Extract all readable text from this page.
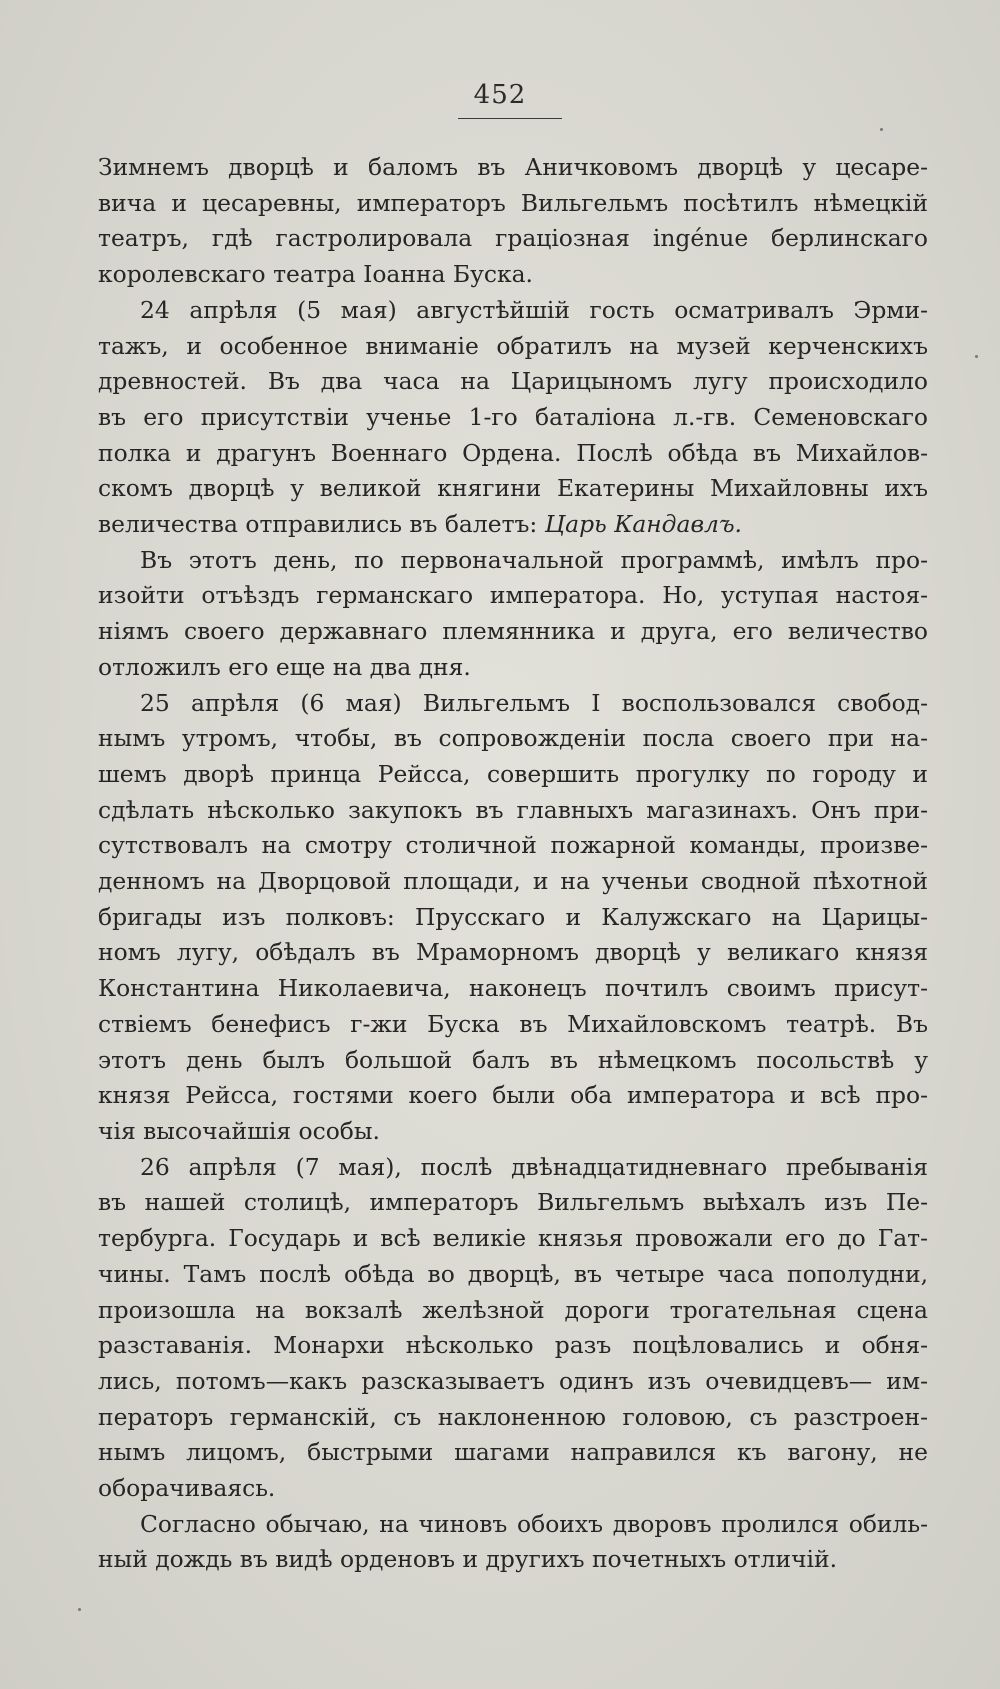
452
Зимнемъ дворцѣ и баломъ въ Аничковомъ дворцѣ у цесаре-
вича и цесаревны, императоръ Вильгельмъ посѣтилъ нѣмецкій
театръ, гдѣ гастролировала граціозная ingénue берлинскаго
королевскаго театра Іоанна Буска.
24 апрѣля (5 мая) августѣйшій гость осматривалъ Эрми-
тажъ, и особенное вниманіе обратилъ на музей керченскихъ
древностей. Въ два часа на Царицыномъ лугу происходило
въ его присутствіи ученье 1-го баталіона л.-гв. Семеновскаго
полка и драгунъ Военнаго Ордена. Послѣ обѣда въ Михайлов-
скомъ дворцѣ у великой княгини Екатерины Михайловны ихъ
величества отправились въ балетъ: Царь Кандавлъ.
Въ этотъ день, по первоначальной программѣ, имѣлъ про-
изойти отъѣздъ германскаго императора. Но, уступая настоя-
ніямъ своего державнаго племянника и друга, его величество
отложилъ его еще на два дня.
25 апрѣля (6 мая) Вильгельмъ I воспользовался свобод-
нымъ утромъ, чтобы, въ сопровожденіи посла своего при на-
шемъ дворѣ принца Рейсса, совершить прогулку по городу и
сдѣлать нѣсколько закупокъ въ главныхъ магазинахъ. Онъ при-
сутствовалъ на смотру столичной пожарной команды, произве-
денномъ на Дворцовой площади, и на ученьи сводной пѣхотной
бригады изъ полковъ: Прусскаго и Калужскаго на Царицы-
номъ лугу, обѣдалъ въ Мраморномъ дворцѣ у великаго князя
Константина Николаевича, наконецъ почтилъ своимъ присут-
ствіемъ бенефисъ г-жи Буска въ Михайловскомъ театрѣ. Въ
этотъ день былъ большой балъ въ нѣмецкомъ посольствѣ у
князя Рейсса, гостями коего были оба императора и всѣ про-
чія высочайшія особы.
26 апрѣля (7 мая), послѣ двѣнадцатидневнаго пребыванія
въ нашей столицѣ, императоръ Вильгельмъ выѣхалъ изъ Пе-
тербурга. Государь и всѣ великіе князья провожали его до Гат-
чины. Тамъ послѣ обѣда во дворцѣ, въ четыре часа пополудни,
произошла на вокзалѣ желѣзной дороги трогательная сцена
разставанія. Монархи нѣсколько разъ поцѣловались и обня-
лись, потомъ—какъ разсказываетъ одинъ изъ очевидцевъ— им-
ператоръ германскій, съ наклоненною головою, съ разстроен-
нымъ лицомъ, быстрыми шагами направился къ вагону, не
оборачиваясь.
Согласно обычаю, на чиновъ обоихъ дворовъ пролился обиль-
ный дождь въ видѣ орденовъ и другихъ почетныхъ отличій.
